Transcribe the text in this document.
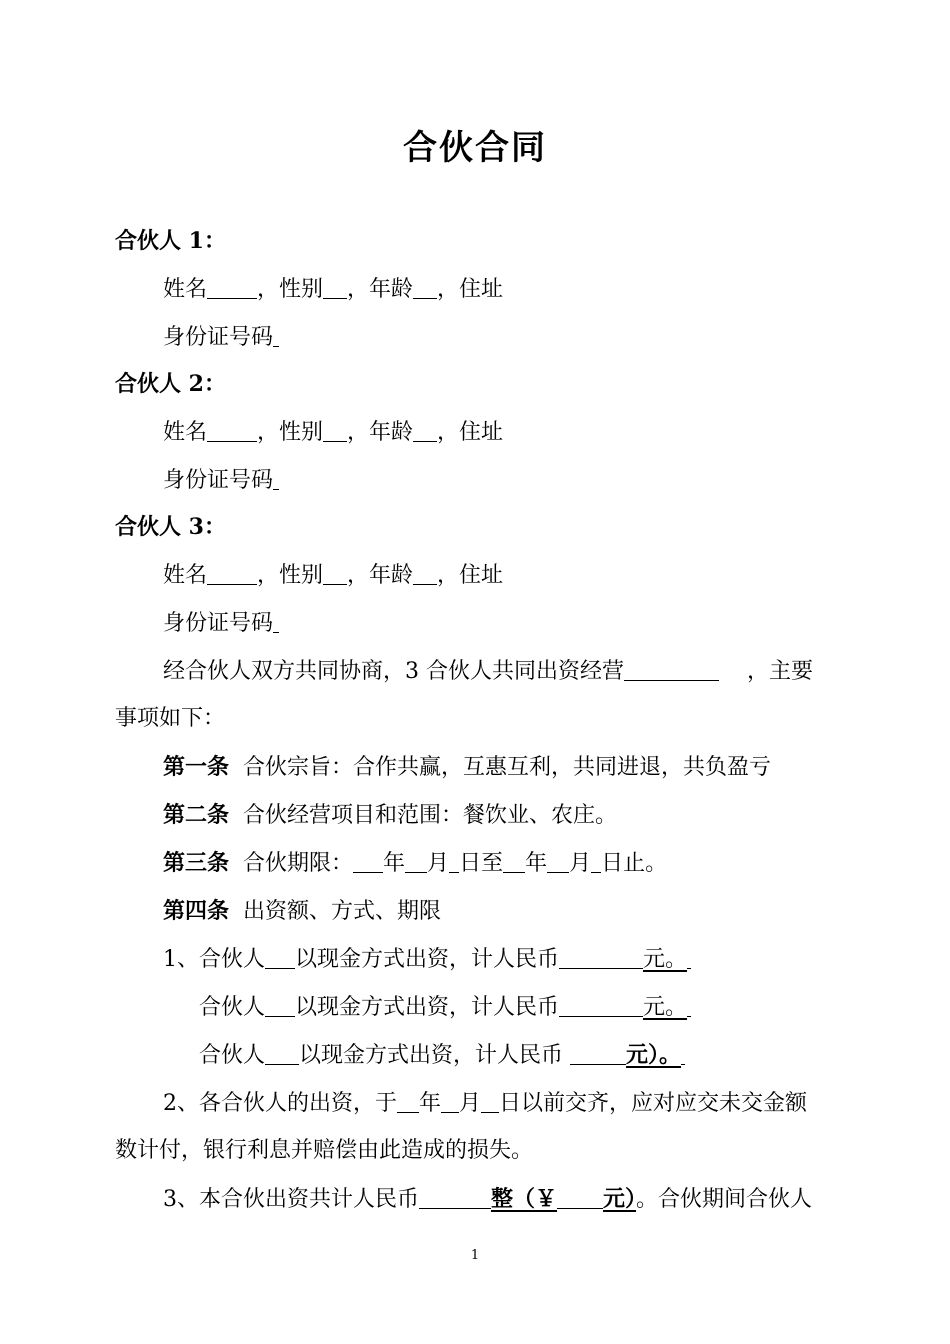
合伙合同
合伙人 1：
姓名 ，性别 ，年龄 ，住址
身份证号码
合伙人 2：
姓名 ，性别 ，年龄 ，住址
身份证号码
合伙人 3：
姓名 ，性别 ，年龄 ，住址
身份证号码
经合伙人双方共同协商，3 合伙人共同出资经营	，主要
事项如下：
第一条 合伙宗旨：合作共赢，互惠互利，共同进退，共负盈亏
第二条 合伙经营项目和范围：餐饮业、农庄。
第三条 合伙期限： 年 月 日至 年 月 日止。
第四条 出资额、方式、期限
1、合伙人 以现金方式出资，计人民币	元。
合伙人 以现金方式出资，计人民币	元。
合伙人 以现金方式出资，计人民币	元）。
2、各合伙人的出资，于 年 月 日以前交齐，应对应交未交金额
数计付，银行利息并赔偿由此造成的损失。
3、本合伙出资共计人民币	整（￥ 元）。合伙期间合伙人
1
